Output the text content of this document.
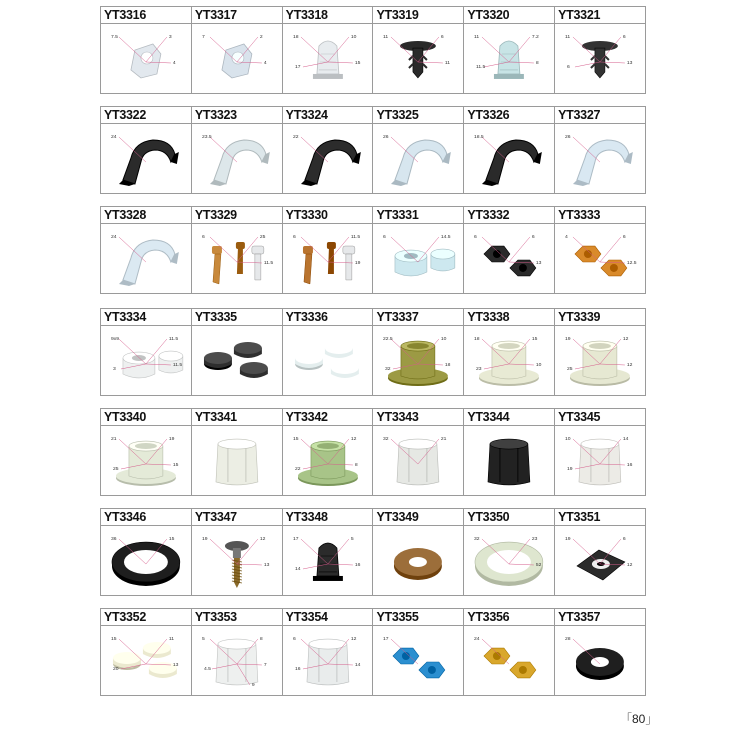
YT3316
7.5	3
4
YT3317
7	2
4
YT3318
18	10
15
17
YT3319
11	6
11
YT3320
11	7.2
8
11.5
YT3321
11	6
13
6
YT3322
24
YT3323
23.5
YT3324
22
YT3325
26
YT3326
18.5
YT3327
26
YT3328
24
YT3329
6	25
11.5
YT3330
6	11.5
19
YT3331
6	14.5
YT3332
6	6
13
YT3333
4	6
12.5
YT3334
9x9	11.5
11.5
3
YT3335	YT3336	YT3337
22.5	10
18
32
YT3338
18	15
10
23
YT3339
19	12
12
25
YT3340
21	19
15
25
YT3341	YT3342
15	12
8
22
YT3343
32	21
YT3344	YT3345
10	14
16
19
YT3346
36	15
YT3347
19	12
13
YT3348
17	5
16
14
YT3349	YT3350
32	23
52
YT3351
19	6
12
YT3352
15	11
13
20
YT3353
5	8
7
4.5
9
YT3354
6	12
14
16
YT3355
17
YT3356
24
YT3357
28
「80」
